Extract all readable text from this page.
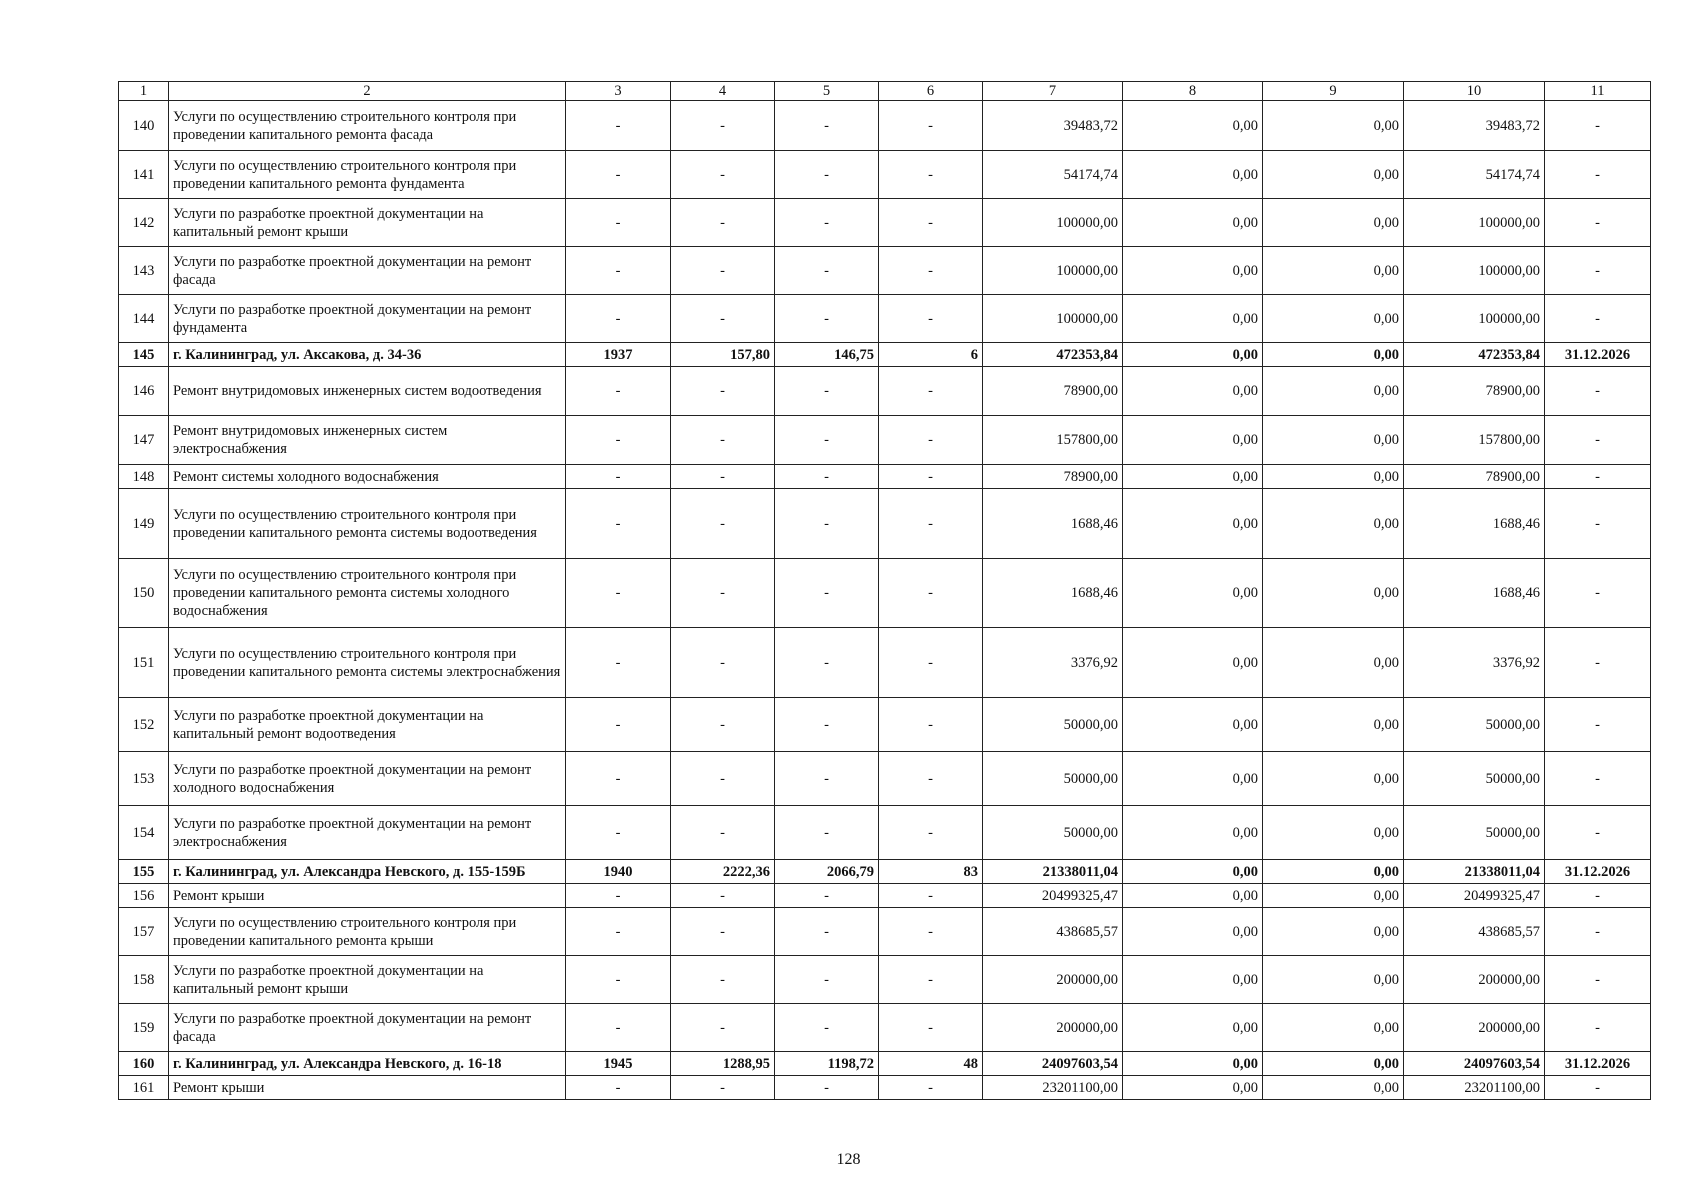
1	2	3	4	5	6	7	8	9	10	11
140	Услуги по осуществлению строительного контроля при проведении капитального ремонта фасада	-	-	-	-	39483,72	0,00	0,00	39483,72	-
141	Услуги по осуществлению строительного контроля при проведении капитального ремонта фундамента	-	-	-	-	54174,74	0,00	0,00	54174,74	-
142	Услуги по разработке проектной документации на капитальный ремонт крыши	-	-	-	-	100000,00	0,00	0,00	100000,00	-
143	Услуги по разработке проектной документации на ремонт фасада	-	-	-	-	100000,00	0,00	0,00	100000,00	-
144	Услуги по разработке проектной документации на ремонт фундамента	-	-	-	-	100000,00	0,00	0,00	100000,00	-
145	г. Калининград, ул. Аксакова, д. 34-36	1937	157,80	146,75	6	472353,84	0,00	0,00	472353,84	31.12.2026
146	Ремонт внутридомовых инженерных систем водоотведения	-	-	-	-	78900,00	0,00	0,00	78900,00	-
147	Ремонт внутридомовых инженерных систем электроснабжения	-	-	-	-	157800,00	0,00	0,00	157800,00	-
148	Ремонт системы холодного водоснабжения	-	-	-	-	78900,00	0,00	0,00	78900,00	-
149	Услуги по осуществлению строительного контроля при проведении капитального ремонта системы водоотведения	-	-	-	-	1688,46	0,00	0,00	1688,46	-
150	Услуги по осуществлению строительного контроля при проведении капитального ремонта системы холодного водоснабжения	-	-	-	-	1688,46	0,00	0,00	1688,46	-
151	Услуги по осуществлению строительного контроля при проведении капитального ремонта системы электроснабжения	-	-	-	-	3376,92	0,00	0,00	3376,92	-
152	Услуги по разработке проектной документации на капитальный ремонт водоотведения	-	-	-	-	50000,00	0,00	0,00	50000,00	-
153	Услуги по разработке проектной документации на ремонт холодного водоснабжения	-	-	-	-	50000,00	0,00	0,00	50000,00	-
154	Услуги по разработке проектной документации на ремонт электроснабжения	-	-	-	-	50000,00	0,00	0,00	50000,00	-
155	г. Калининград, ул. Александра Невского, д. 155-159Б	1940	2222,36	2066,79	83	21338011,04	0,00	0,00	21338011,04	31.12.2026
156	Ремонт крыши	-	-	-	-	20499325,47	0,00	0,00	20499325,47	-
157	Услуги по осуществлению строительного контроля при проведении капитального ремонта крыши	-	-	-	-	438685,57	0,00	0,00	438685,57	-
158	Услуги по разработке проектной документации на капитальный ремонт крыши	-	-	-	-	200000,00	0,00	0,00	200000,00	-
159	Услуги по разработке проектной документации на ремонт фасада	-	-	-	-	200000,00	0,00	0,00	200000,00	-
160	г. Калининград, ул. Александра Невского, д. 16-18	1945	1288,95	1198,72	48	24097603,54	0,00	0,00	24097603,54	31.12.2026
161	Ремонт крыши	-	-	-	-	23201100,00	0,00	0,00	23201100,00	-
128
